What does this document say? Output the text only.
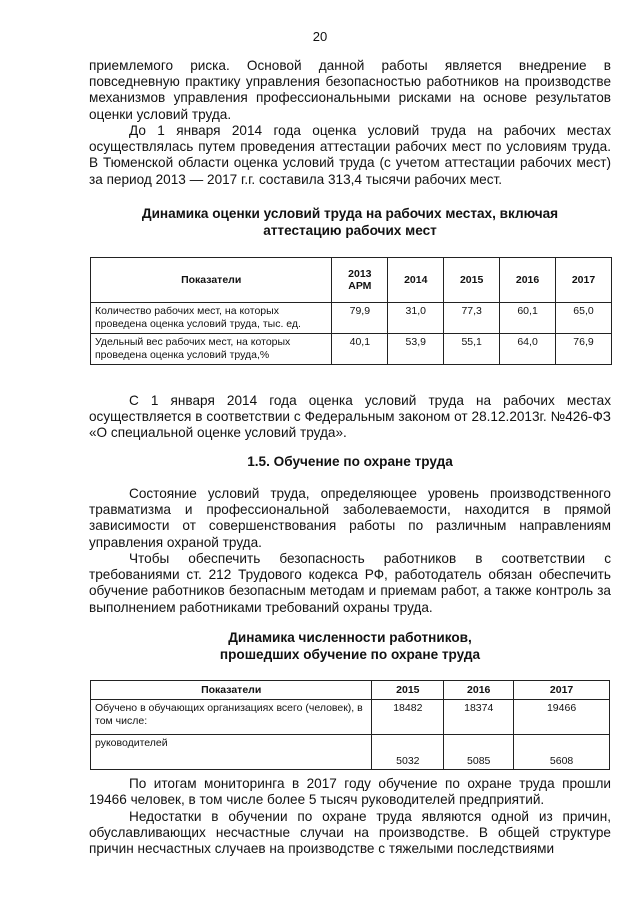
20

приемлемого риска. Основой данной работы является внедрение в повседневную практику управления безопасностью работников на производстве механизмов управления профессиональными рисками на основе результатов оценки условий труда.

До 1 января 2014 года оценка условий труда на рабочих местах осуществлялась путем проведения аттестации рабочих мест по условиям труда. В Тюменской области оценка условий труда (с учетом аттестации рабочих мест) за период 2013 — 2017 г.г. составила 313,4 тысячи рабочих мест.

Динамика оценки условий труда на рабочих местах, включая
аттестацию рабочих мест

Показатели	2013 АРМ	2014	2015	2016	2017
Количество рабочих мест, на которых проведена оценка условий труда, тыс. ед.	79,9	31,0	77,3	60,1	65,0
Удельный вес рабочих мест, на которых проведена оценка условий труда,%	40,1	53,9	55,1	64,0	76,9

С 1 января 2014 года оценка условий труда на рабочих местах осуществляется в соответствии с Федеральным законом от 28.12.2013г. №426-ФЗ «О специальной оценке условий труда».

1.5. Обучение по охране труда

Состояние условий труда, определяющее уровень производственного травматизма и профессиональной заболеваемости, находится в прямой зависимости от совершенствования работы по различным направлениям управления охраной труда.

Чтобы обеспечить безопасность работников в соответствии с требованиями ст. 212 Трудового кодекса РФ, работодатель обязан обеспечить обучение работников безопасным методам и приемам работ, а также контроль за выполнением работниками требований охраны труда.

Динамика численности работников,
прошедших обучение по охране труда

Показатели	2015	2016	2017
Обучено в обучающих организациях всего (человек), в том числе:	18482	18374	19466
руководителей	5032	5085	5608

По итогам мониторинга в 2017 году обучение по охране труда прошли 19466 человек, в том числе более 5 тысяч руководителей предприятий.

Недостатки в обучении по охране труда являются одной из причин, обуславливающих несчастные случаи на производстве. В общей структуре причин несчастных случаев на производстве с тяжелыми последствиями
